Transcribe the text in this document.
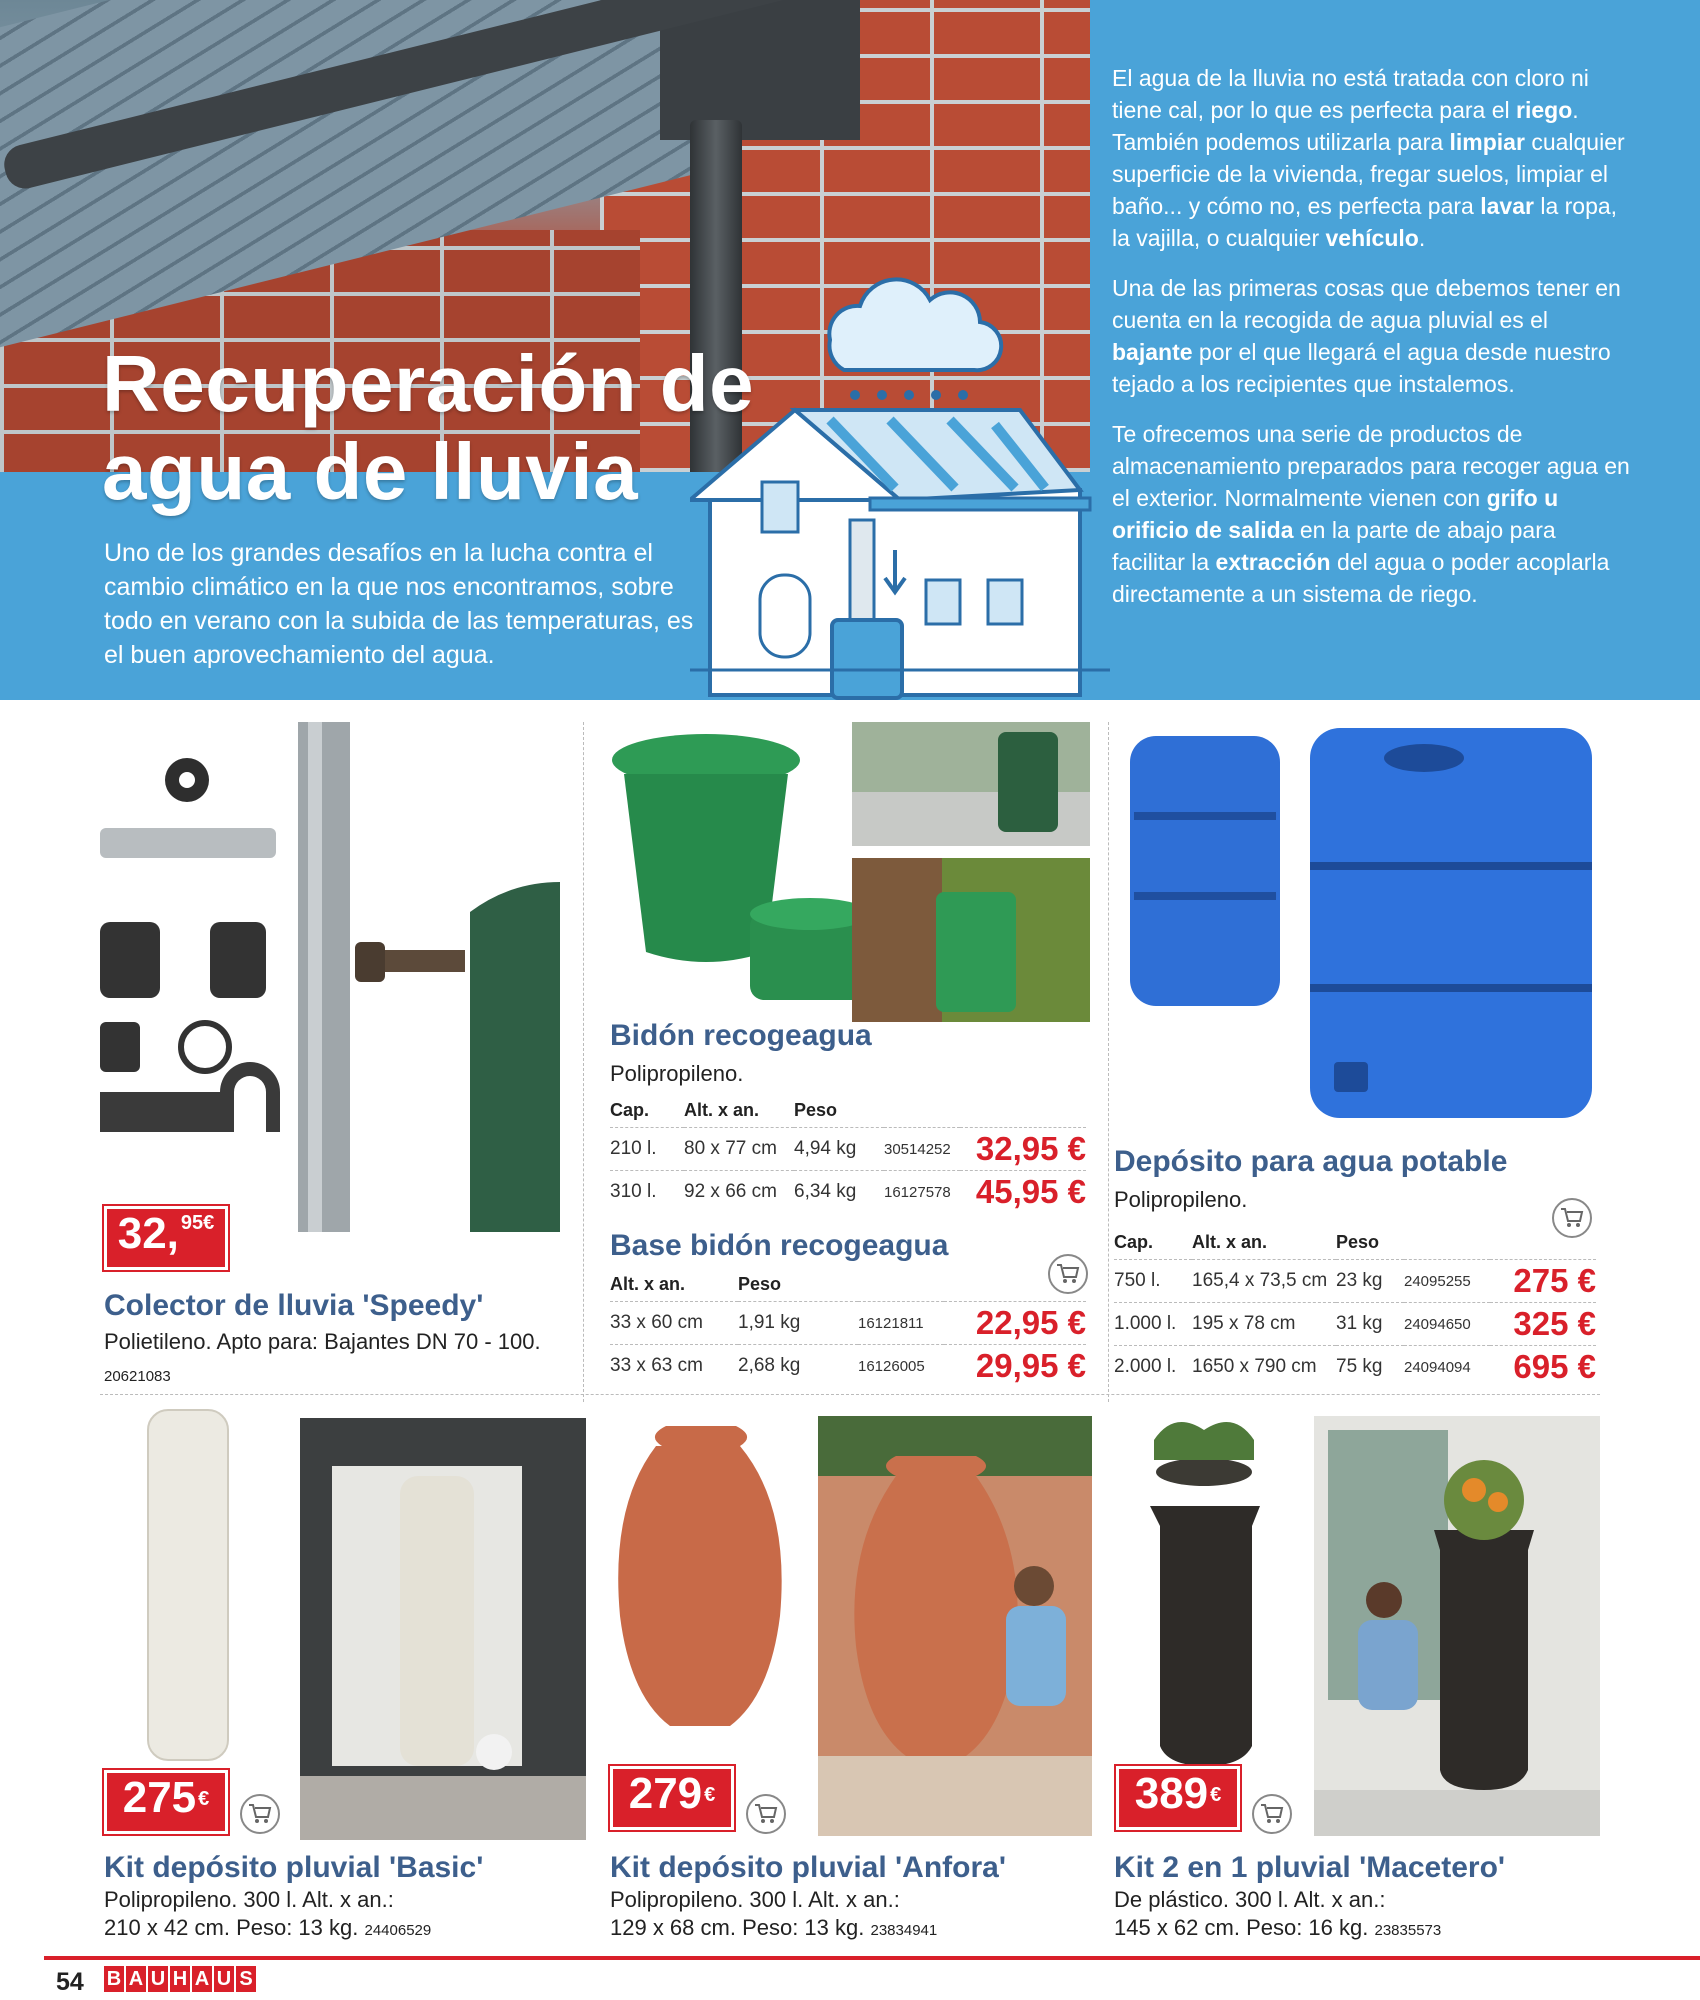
Recuperación de
agua de lluvia

Uno de los grandes desafíos en la lucha contra el cambio climático en la que nos encontramos, sobre todo en verano con la subida de las temperaturas, es el buen aprovechamiento del agua.

El agua de la lluvia no está tratada con cloro ni tiene cal, por lo que es perfecta para el riego. También podemos utilizarla para limpiar cualquier superficie de la vivienda, fregar suelos, limpiar el baño... y cómo no, es perfecta para lavar la ropa, la vajilla, o cualquier vehículo.

Una de las primeras cosas que debemos tener en cuenta en la recogida de agua pluvial es el bajante por el que llegará el agua desde nuestro tejado a los recipientes que instalemos.

Te ofrecemos una serie de productos de almacenamiento preparados para recoger agua en el exterior. Normalmente vienen con grifo u orificio de salida en la parte de abajo para facilitar la extracción del agua o poder acoplarla directamente a un sistema de riego.

32, 95€
Colector de lluvia 'Speedy'
Polietileno. Apto para: Bajantes DN 70 - 100.
20621083
Bidón recogeagua
Polipropileno.
Cap.	Alt. x an.	Peso		
210 l.	80 x 77 cm	4,94 kg	30514252	32,95 €
310 l.	92 x 66 cm	6,34 kg	16127578	45,95 €
Base bidón recogeagua
Alt. x an.	Peso		
33 x 60 cm	1,91 kg	16121811	22,95 €
33 x 63 cm	2,68 kg	16126005	29,95 €
Depósito para agua potable
Polipropileno.
Cap.	Alt. x an.	Peso		
750 l.	165,4 x 73,5 cm	23 kg	24095255	275 €
1.000 l.	195 x 78 cm	31 kg	24094650	325 €
2.000 l.	1650 x 790 cm	75 kg	24094094	695 €
275 €
Kit depósito pluvial 'Basic'
Polipropileno. 300 l. Alt. x an.:
210 x 42 cm. Peso: 13 kg. 24406529
279 €
Kit depósito pluvial 'Anfora'
Polipropileno. 300 l. Alt. x an.:
129 x 68 cm. Peso: 13 kg. 23834941
389 €
Kit 2 en 1 pluvial 'Macetero'
De plástico. 300 l. Alt. x an.:
145 x 62 cm. Peso: 16 kg. 23835573
54 B A U H A U S
